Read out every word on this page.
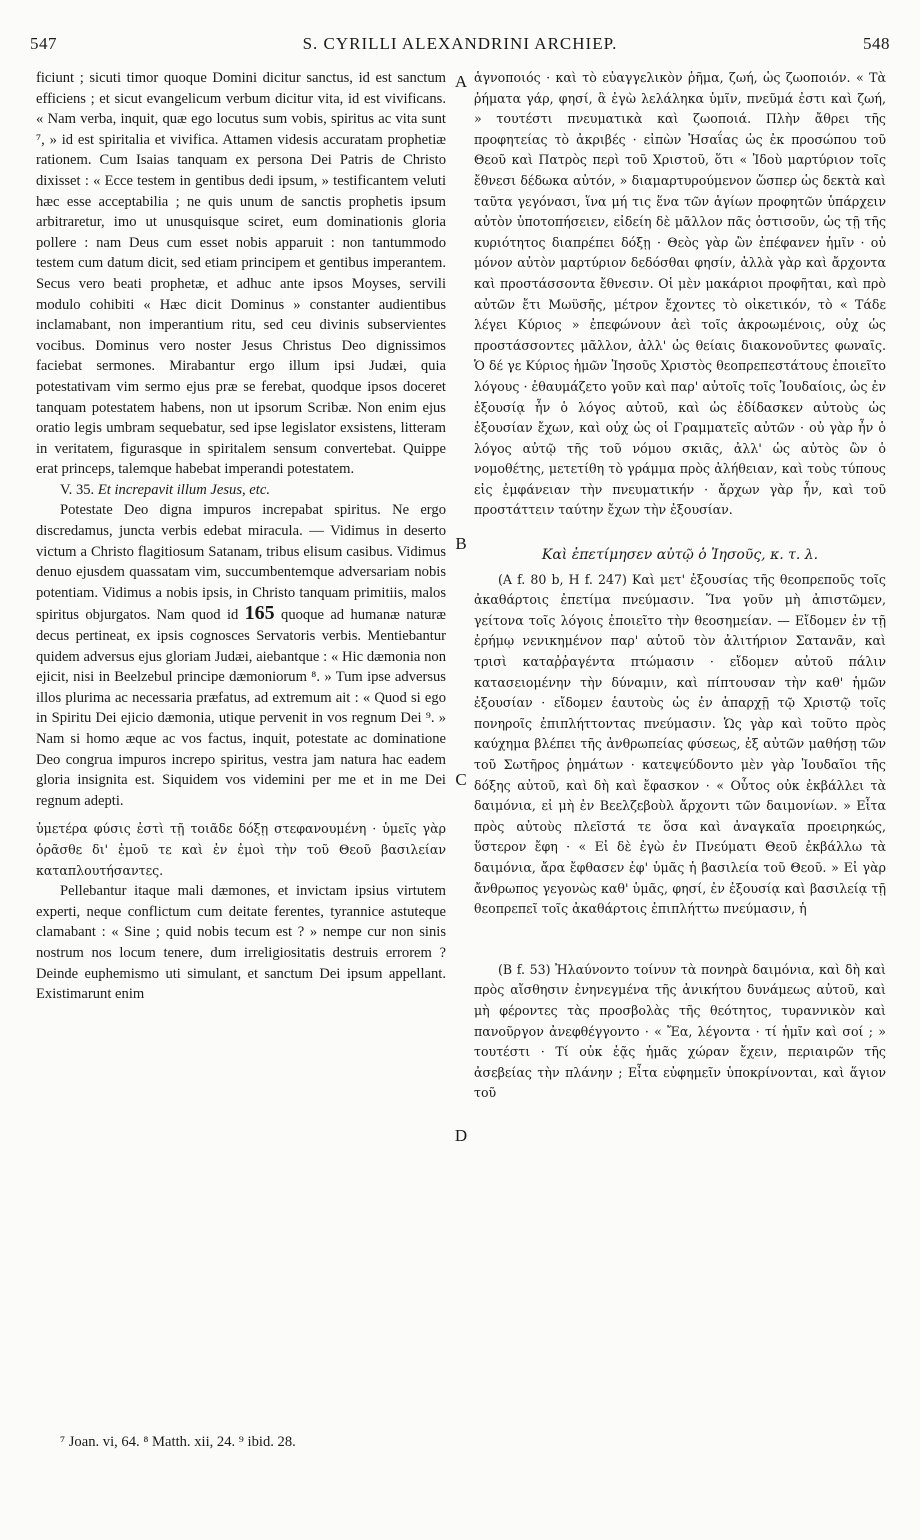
547	S. CYRILLI ALEXANDRINI ARCHIEP.	548

ficiunt ; sicuti timor quoque Domini dicitur sanctus, id est sanctum efficiens ; et sicut evangelicum verbum dicitur vita, id est vivificans. « Nam verba, inquit, quæ ego locutus sum vobis, spiritus ac vita sunt ⁷, » id est spiritalia et vivifica. Attamen videsis accuratam prophetiæ rationem. Cum Isaias tanquam ex persona Dei Patris de Christo dixisset : « Ecce testem in gentibus dedi ipsum, » testificantem veluti hæc esse acceptabilia ; ne quis unum de sanctis prophetis ipsum arbitraretur, imo ut unusquisque sciret, eum dominationis gloria pollere : nam Deus cum esset nobis apparuit : non tantummodo testem cum datum dicit, sed etiam principem et gentibus imperantem. Secus vero beati prophetæ, et adhuc ante ipsos Moyses, servili modulo cohibiti « Hæc dicit Dominus » constanter audientibus inclamabant, non imperantium ritu, sed ceu divinis subservientes vocibus. Dominus vero noster Jesus Christus Deo dignissimos faciebat sermones. Mirabantur ergo illum ipsi Judæi, quia potestativam vim sermo ejus præ se ferebat, quodque ipsos doceret tanquam potestatem habens, non ut ipsorum Scribæ. Non enim ejus oratio legis umbram sequebatur, sed ipse legislator exsistens, litteram in veritatem, figurasque in spiritalem sensum convertebat. Quippe erat princeps, talemque habebat imperandi potestatem.

V. 35. Et increpavit illum Jesus, etc.

Potestate Deo digna impuros increpabat spiritus. Ne ergo discredamus, juncta verbis edebat miracula. — Vidimus in deserto victum a Christo flagitiosum Satanam, tribus elisum casibus. Vidimus denuo ejusdem quassatam vim, succumbentemque adversariam nobis potentiam. Vidimus a nobis ipsis, in Christo tanquam primitiis, malos spiritus objurgatos. Nam quod id 165 quoque ad humanæ naturæ decus pertineat, ex ipsis cognosces Servatoris verbis. Mentiebantur quidem adversus ejus gloriam Judæi, aiebantque : « Hic dæmonia non ejicit, nisi in Beelzebul principe dæmoniorum ⁸. » Tum ipse adversus illos plurima ac necessaria præfatus, ad extremum ait : « Quod si ego in Spiritu Dei ejicio dæmonia, utique pervenit in vos regnum Dei ⁹. » Nam si homo æque ac vos factus, inquit, potestate ac dominatione Deo congrua impuros increpo spiritus, vestra jam natura hac eadem gloria insignita est. Siquidem vos videmini per me et in me Dei regnum adepti.

ὑμετέρα φύσις ἐστὶ τῇ τοιᾶδε δόξῃ στεφανουμένη · ὑμεῖς γὰρ ὁρᾶσθε δι' ἐμοῦ τε καὶ ἐν ἐμοὶ τὴν τοῦ Θεοῦ βασιλείαν καταπλουτήσαντες.

Pellebantur itaque mali dæmones, et invictam ipsius virtutem experti, neque conflictum cum deitate ferentes, tyrannice astuteque clamabant : « Sine ; quid nobis tecum est ? » nempe cur non sinis nostrum nos locum tenere, dum irreligiositatis destruis errorem ? Deinde euphemismo uti simulant, et sanctum Dei ipsum appellant. Existimarunt enim

A
B
C
D

ἁγνοποιός · καὶ τὸ εὐαγγελικὸν ῥῆμα, ζωή, ὡς ζωοποιόν. « Τὰ ῥήματα γάρ, φησί, ἃ ἐγὼ λελάληκα ὑμῖν, πνεῦμά ἐστι καὶ ζωή, » τουτέστι πνευματικὰ καὶ ζωοποιά. Πλὴν ἄθρει τῆς προφητείας τὸ ἀκριβές · εἰπὼν Ἠσαΐας ὡς ἐκ προσώπου τοῦ Θεοῦ καὶ Πατρὸς περὶ τοῦ Χριστοῦ, ὅτι « Ἰδοὺ μαρτύριον τοῖς ἔθνεσι δέδωκα αὐτόν, » διαμαρτυρούμενον ὥσπερ ὡς δεκτὰ καὶ ταῦτα γεγόνασι, ἵνα μή τις ἕνα τῶν ἁγίων προφητῶν ὑπάρχειν αὐτὸν ὑποτοπήσειεν, εἰδείη δὲ μᾶλλον πᾶς ὁστισοῦν, ὡς τῇ τῆς κυριότητος διαπρέπει δόξῃ · Θεὸς γὰρ ὢν ἐπέφανεν ἡμῖν · οὐ μόνον αὐτὸν μαρτύριον δεδόσθαι φησίν, ἀλλὰ γὰρ καὶ ἄρχοντα καὶ προστάσσοντα ἔθνεσιν. Οἱ μὲν μακάριοι προφῆται, καὶ πρὸ αὐτῶν ἔτι Μωϋσῆς, μέτρον ἔχοντες τὸ οἰκετικόν, τὸ « Τάδε λέγει Κύριος » ἐπεφώνουν ἀεὶ τοῖς ἀκροωμένοις, οὐχ ὡς προστάσσοντες μᾶλλον, ἀλλ' ὡς θείαις διακονοῦντες φωναῖς. Ὁ δέ γε Κύριος ἡμῶν Ἰησοῦς Χριστὸς θεοπρεπεστάτους ἐποιεῖτο λόγους · ἐθαυμάζετο γοῦν καὶ παρ' αὐτοῖς τοῖς Ἰουδαίοις, ὡς ἐν ἐξουσίᾳ ἦν ὁ λόγος αὐτοῦ, καὶ ὡς ἐδίδασκεν αὐτοὺς ὡς ἐξουσίαν ἔχων, καὶ οὐχ ὡς οἱ Γραμματεῖς αὐτῶν · οὐ γὰρ ἦν ὁ λόγος αὐτῷ τῆς τοῦ νόμου σκιᾶς, ἀλλ' ὡς αὐτὸς ὢν ὁ νομοθέτης, μετετίθη τὸ γράμμα πρὸς ἀλήθειαν, καὶ τοὺς τύπους εἰς ἐμφάνειαν τὴν πνευματικήν · ἄρχων γὰρ ἦν, καὶ τοῦ προστάττειν ταύτην ἔχων τὴν ἐξουσίαν.

Καὶ ἐπετίμησεν αὐτῷ ὁ Ἰησοῦς, κ. τ. λ.

(A f. 80 b, H f. 247) Καὶ μετ' ἐξουσίας τῆς θεοπρεποῦς τοῖς ἀκαθάρτοις ἐπετίμα πνεύμασιν. Ἵνα γοῦν μὴ ἀπιστῶμεν, γείτονα τοῖς λόγοις ἐποιεῖτο τὴν θεοσημείαν. — Εἴδομεν ἐν τῇ ἐρήμῳ νενικημένον παρ' αὐτοῦ τὸν ἀλιτήριον Σατανᾶν, καὶ τρισὶ καταῤῥαγέντα πτώμασιν · εἴδομεν αὐτοῦ πάλιν κατασειομένην τὴν δύναμιν, καὶ πίπτουσαν τὴν καθ' ἡμῶν ἐξουσίαν · εἴδομεν ἑαυτοὺς ὡς ἐν ἀπαρχῇ τῷ Χριστῷ τοῖς πονηροῖς ἐπιπλήττοντας πνεύμασιν. Ὡς γὰρ καὶ τοῦτο πρὸς καύχημα βλέπει τῆς ἀνθρωπείας φύσεως, ἐξ αὐτῶν μαθήσῃ τῶν τοῦ Σωτῆρος ῥημάτων · κατεψεύδοντο μὲν γὰρ Ἰουδαῖοι τῆς δόξης αὐτοῦ, καὶ δὴ καὶ ἔφασκον · « Οὗτος οὐκ ἐκβάλλει τὰ δαιμόνια, εἰ μὴ ἐν Βεελζεβοὺλ ἄρχοντι τῶν δαιμονίων. » Εἶτα πρὸς αὐτοὺς πλεῖστά τε ὅσα καὶ ἀναγκαῖα προειρηκώς, ὕστερον ἔφη · « Εἰ δὲ ἐγὼ ἐν Πνεύματι Θεοῦ ἐκβάλλω τὰ δαιμόνια, ἄρα ἔφθασεν ἐφ' ὑμᾶς ἡ βασιλεία τοῦ Θεοῦ. » Εἰ γὰρ ἄνθρωπος γεγονὼς καθ' ὑμᾶς, φησί, ἐν ἐξουσίᾳ καὶ βασιλείᾳ τῇ θεοπρεπεῖ τοῖς ἀκαθάρτοις ἐπιπλήττω πνεύμασιν, ἡ

(B f. 53) Ἠλαύνοντο τοίνυν τὰ πονηρὰ δαιμόνια, καὶ δὴ καὶ πρὸς αἴσθησιν ἐνηνεγμένα τῆς ἀνικήτου δυνάμεως αὐτοῦ, καὶ μὴ φέροντες τὰς προσβολὰς τῆς θεότητος, τυραννικὸν καὶ πανοῦργον ἀνεφθέγγοντο · « Ἔα, λέγοντα · τί ἡμῖν καὶ σοί ; » τουτέστι · Τί οὐκ ἐᾷς ἡμᾶς χώραν ἔχειν, περιαιρῶν τῆς ἀσεβείας τὴν πλάνην ; Εἶτα εὐφημεῖν ὑποκρίνονται, καὶ ἅγιον τοῦ

⁷ Joan. vi, 64. ⁸ Matth. xii, 24. ⁹ ibid. 28.
